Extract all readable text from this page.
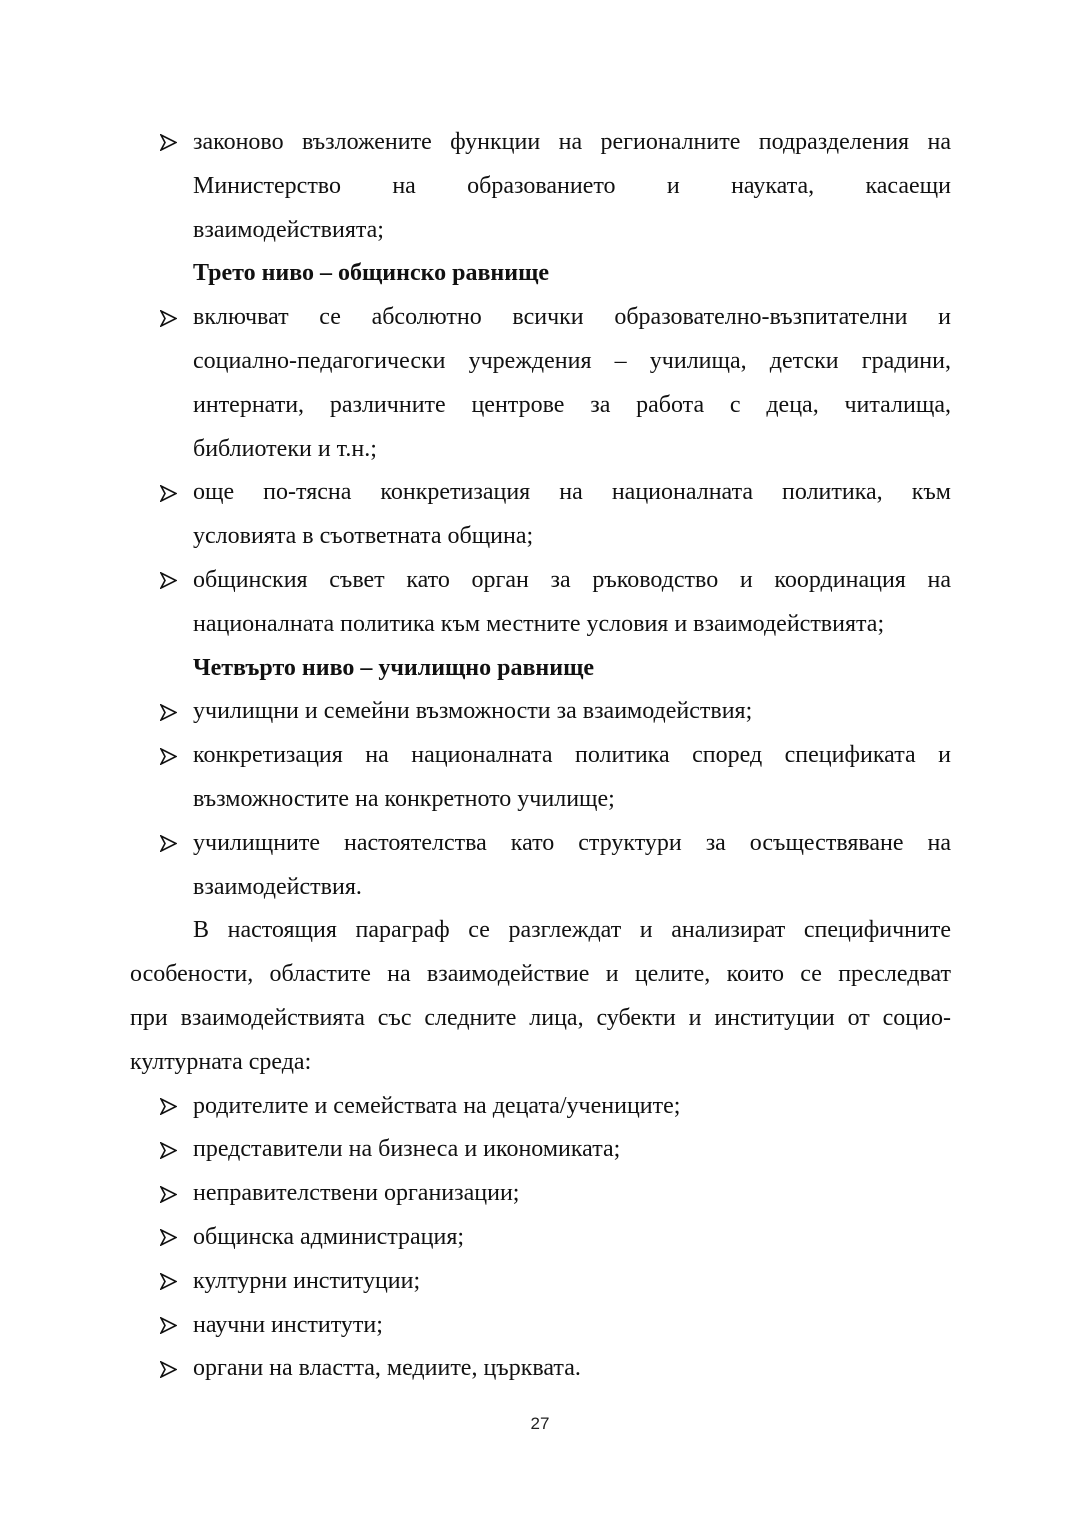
законово възложените функции на регионалните подразделения на
Министерство на образованието и науката, касаещи
взаимодействията;
Трето ниво – общинско равнище
включват се абсолютно всички образователно-възпитателни и
социално-педагогически учреждения – училища, детски градини,
интернати, различните центрове за работа с деца, читалища,
библиотеки и т.н.;
още по-тясна конкретизация на националната политика, към
условията в съответната община;
общинския съвет като орган за ръководство и координация на
националната политика към местните условия и взаимодействията;
Четвърто ниво – училищно равнище
училищни и семейни възможности за взаимодействия;
конкретизация на националната политика според спецификата и
възможностите на конкретното училище;
училищните настоятелства като структури за осъществяване на
взаимодействия.
В настоящия параграф се разглеждат и анализират специфичните
особености, областите на взаимодействие и целите, които се преследват
при взаимодействията със следните лица, субекти и институции от социо-
културната среда:
родителите и семействата на децата/учениците;
представители на бизнеса и икономиката;
неправителствени организации;
общинска администрация;
културни институции;
научни институти;
органи на властта, медиите, църквата.
27
